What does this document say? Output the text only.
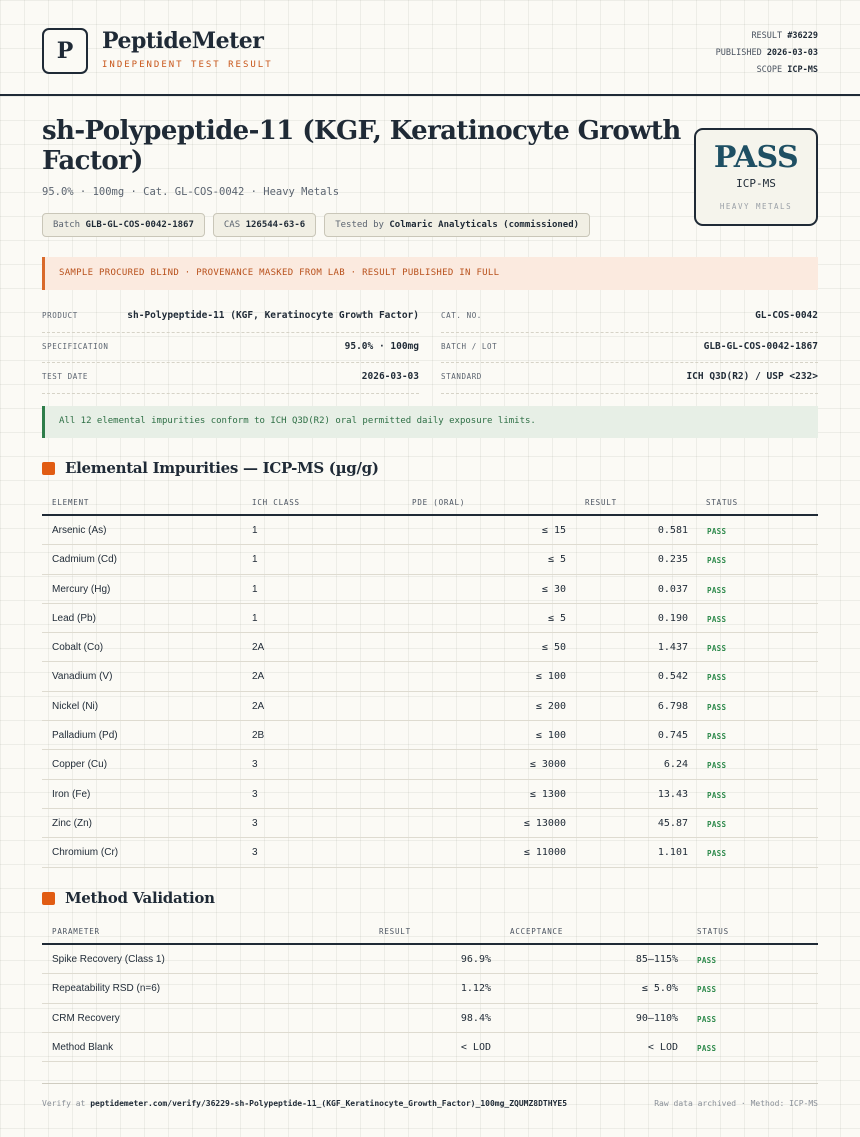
P	PeptideMeter
INDEPENDENT TEST RESULT
RESULT #36229
PUBLISHED 2026-03-03
SCOPE ICP-MS
sh-Polypeptide-11 (KGF, Keratinocyte Growth Factor)
95.0% · 100mg · Cat. GL-COS-0042 · Heavy Metals
Batch GLB-GL-COS-0042-1867	CAS 126544-63-6	Tested by Colmaric Analyticals (commissioned)
PASS
ICP-MS
HEAVY METALS
SAMPLE PROCURED BLIND · PROVENANCE MASKED FROM LAB · RESULT PUBLISHED IN FULL
PRODUCT	sh-Polypeptide-11 (KGF, Keratinocyte Growth Factor)
SPECIFICATION	95.0% · 100mg
TEST DATE	2026-03-03
CAT. NO.	GL-COS-0042
BATCH / LOT	GLB-GL-COS-0042-1867
STANDARD	ICH Q3D(R2) / USP <232>
All 12 elemental impurities conform to ICH Q3D(R2) oral permitted daily exposure limits.
Elemental Impurities — ICP-MS (µg/g)
ELEMENT	ICH CLASS	PDE (ORAL)	RESULT	STATUS
Arsenic (As)	1	≤ 15	0.581	PASS
Cadmium (Cd)	1	≤ 5	0.235	PASS
Mercury (Hg)	1	≤ 30	0.037	PASS
Lead (Pb)	1	≤ 5	0.190	PASS
Cobalt (Co)	2A	≤ 50	1.437	PASS
Vanadium (V)	2A	≤ 100	0.542	PASS
Nickel (Ni)	2A	≤ 200	6.798	PASS
Palladium (Pd)	2B	≤ 100	0.745	PASS
Copper (Cu)	3	≤ 3000	6.24	PASS
Iron (Fe)	3	≤ 1300	13.43	PASS
Zinc (Zn)	3	≤ 13000	45.87	PASS
Chromium (Cr)	3	≤ 11000	1.101	PASS
Method Validation
PARAMETER	RESULT	ACCEPTANCE	STATUS
Spike Recovery (Class 1)	96.9%	85–115%	PASS
Repeatability RSD (n=6)	1.12%	≤ 5.0%	PASS
CRM Recovery	98.4%	90–110%	PASS
Method Blank	< LOD	< LOD	PASS
Verify at peptidemeter.com/verify/36229-sh-Polypeptide-11_(KGF_Keratinocyte_Growth_Factor)_100mg_ZQUMZ8DTHYE5	Raw data archived · Method: ICP-MS
